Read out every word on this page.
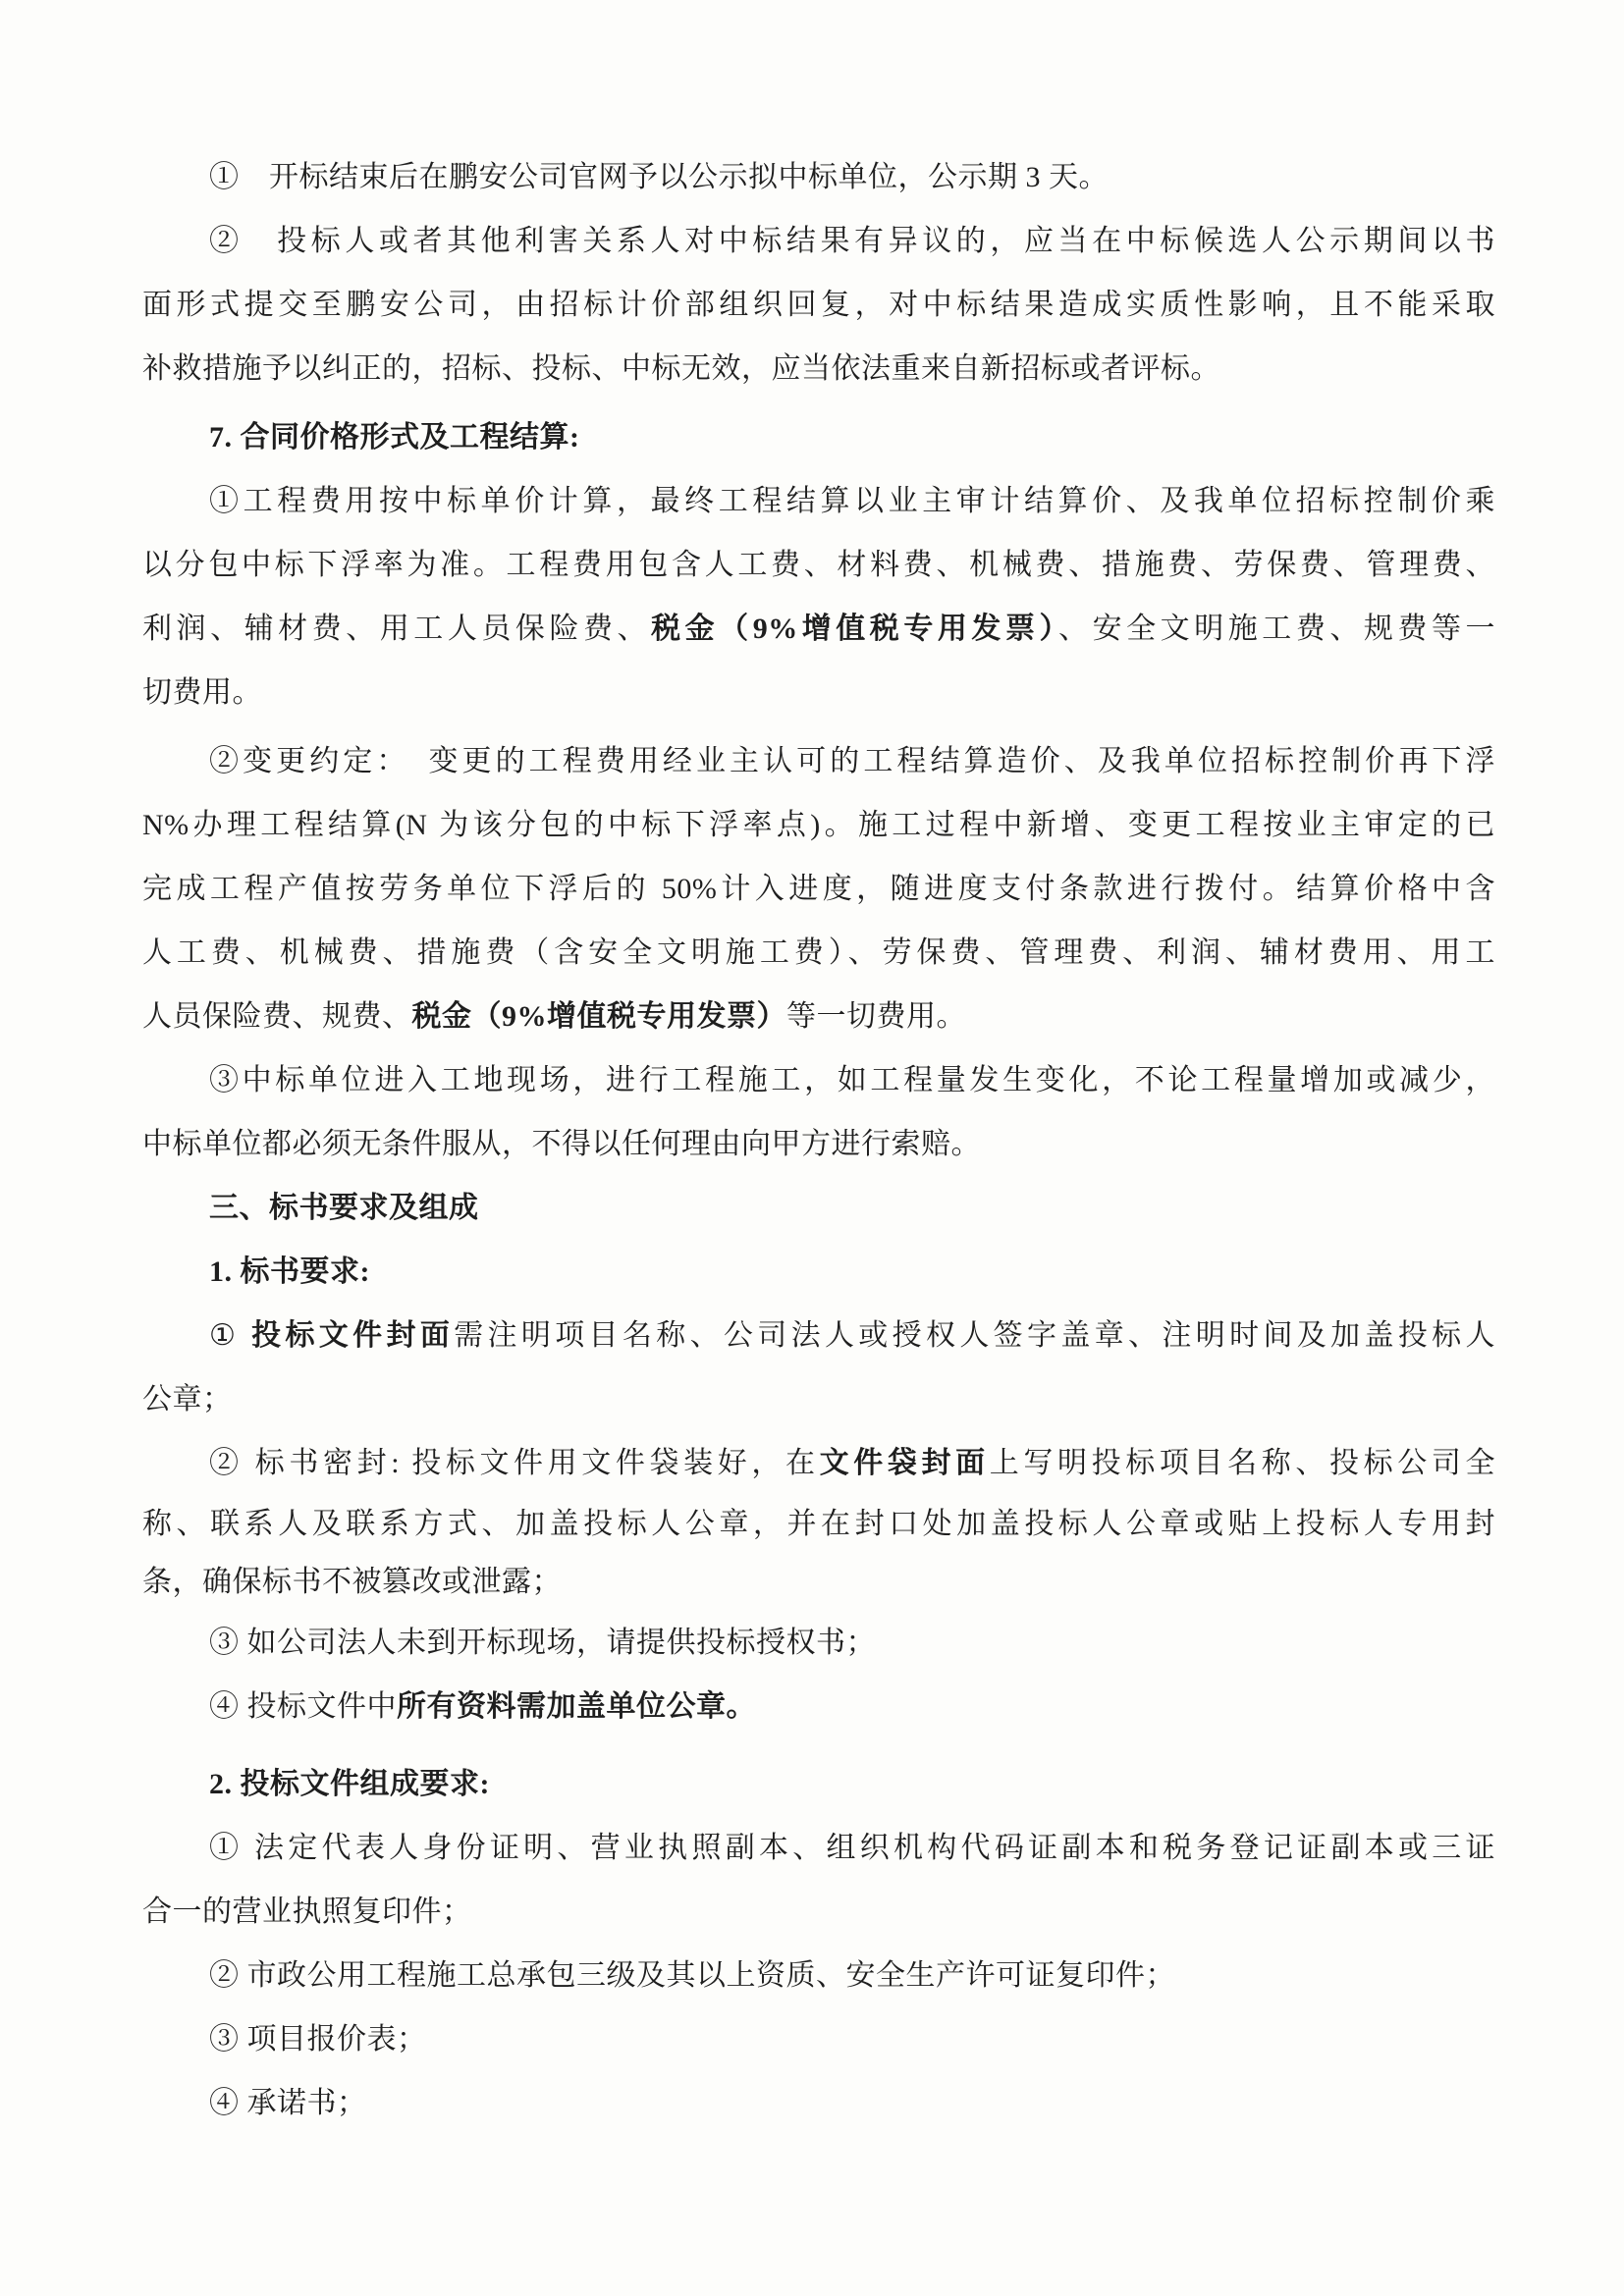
①　开标结束后在鹏安公司官网予以公示拟中标单位，公示期 3 天。
②　投标人或者其他利害关系人对中标结果有异议的，应当在中标候选人公示期间以书
面形式提交至鹏安公司，由招标计价部组织回复，对中标结果造成实质性影响，且不能采取
补救措施予以纠正的，招标、投标、中标无效，应当依法重来自新招标或者评标。
7. 合同价格形式及工程结算:
①工程费用按中标单价计算，最终工程结算以业主审计结算价、及我单位招标控制价乘
以分包中标下浮率为准。工程费用包含人工费、材料费、机械费、措施费、劳保费、管理费、
利润、辅材费、用工人员保险费、税金（9%增值税专用发票）、安全文明施工费、规费等一
切费用。
②变更约定：　变更的工程费用经业主认可的工程结算造价、及我单位招标控制价再下浮
N%办理工程结算(N 为该分包的中标下浮率点)。施工过程中新增、变更工程按业主审定的已
完成工程产值按劳务单位下浮后的 50%计入进度，随进度支付条款进行拨付。结算价格中含
人工费、机械费、措施费（含安全文明施工费）、劳保费、管理费、利润、辅材费用、用工
人员保险费、规费、税金（9%增值税专用发票）等一切费用。
③中标单位进入工地现场，进行工程施工，如工程量发生变化，不论工程量增加或减少，
中标单位都必须无条件服从，不得以任何理由向甲方进行索赔。
三、标书要求及组成
1. 标书要求:
① 投标文件封面需注明项目名称、公司法人或授权人签字盖章、注明时间及加盖投标人
公章；
② 标书密封: 投标文件用文件袋装好，在文件袋封面上写明投标项目名称、投标公司全
称、联系人及联系方式、加盖投标人公章，并在封口处加盖投标人公章或贴上投标人专用封
条，确保标书不被篡改或泄露；
③ 如公司法人未到开标现场，请提供投标授权书；
④ 投标文件中所有资料需加盖单位公章。
2. 投标文件组成要求:
① 法定代表人身份证明、营业执照副本、组织机构代码证副本和税务登记证副本或三证
合一的营业执照复印件；
② 市政公用工程施工总承包三级及其以上资质、安全生产许可证复印件；
③ 项目报价表；
④ 承诺书；
